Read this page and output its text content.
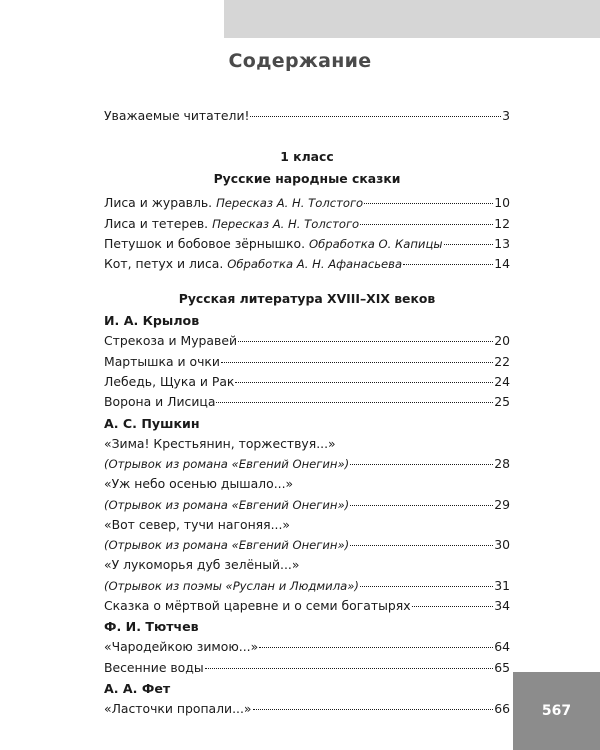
Содержание
Уважаемые читатели!	3
1 класс
Русские народные сказки
Лиса и журавль. Пересказ А. Н. Толстого	10
Лиса и тетерев. Пересказ А. Н. Толстого	12
Петушок и бобовое зёрнышко. Обработка О. Капицы	13
Кот, петух и лиса. Обработка А. Н. Афанасьева	14
Русская литература XVIII–XIX веков
И. А. Крылов
Стрекоза и Муравей	20
Мартышка и очки	22
Лебедь, Щука и Рак	24
Ворона и Лисица	25
А. С. Пушкин
«Зима! Крестьянин, торжествуя...»
(Отрывок из романа «Евгений Онегин»)	28
«Уж небо осенью дышало...»
(Отрывок из романа «Евгений Онегин»)	29
«Вот север, тучи нагоняя...»
(Отрывок из романа «Евгений Онегин»)	30
«У лукоморья дуб зелёный...»
(Отрывок из поэмы «Руслан и Людмила»)	31
Сказка о мёртвой царевне и о семи богатырях	34
Ф. И. Тютчев
«Чародейкою зимою...»	64
Весенние воды	65
А. А. Фет
«Ласточки пропали...»	66	567
